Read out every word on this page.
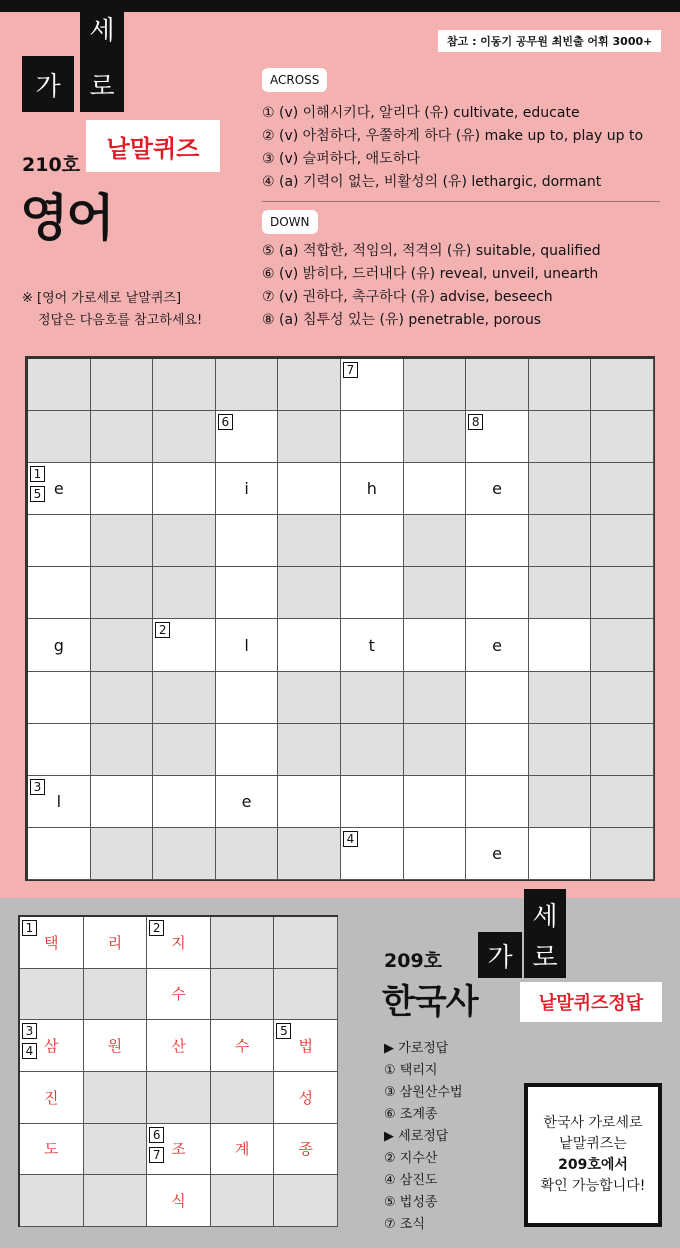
참고 : 이동기 공무원 최빈출 어휘 3000+
세
가	로
낱말퀴즈
210호
영어
※ [영어 가로세로 낱말퀴즈]
정답은 다음호를 참고하세요!
ACROSS
① (v) 이해시키다, 알리다 (유) cultivate, educate
② (v) 아첨하다, 우쭐하게 하다 (유) make up to, play up to
③ (v) 슬퍼하다, 애도하다
④ (a) 기력이 없는, 비활성의 (유) lethargic, dormant
DOWN
⑤ (a) 적합한, 적임의, 적격의 (유) suitable, qualified
⑥ (v) 밝히다, 드러내다 (유) reveal, unveil, unearth
⑦ (v) 권하다, 촉구하다 (유) advise, beseech
⑧ (a) 침투성 있는 (유) penetrable, porous
7
6	8
1
5 e	i	h	e
g
2
l	t	e
3
l	e
4
e
1
택	리
2
지
수
3
4 삼	원	산	수
5
법
진	성
도
6
7 조	계	종
식
세
가 로
209호
한국사	낱말퀴즈정답
▶ 가로정답
① 택리지
③ 삼원산수법
⑥ 조계종
▶ 세로정답
② 지수산
④ 삼진도
⑤ 법성종
⑦ 조식
한국사 가로세로
낱말퀴즈는
209호에서
확인 가능합니다!
